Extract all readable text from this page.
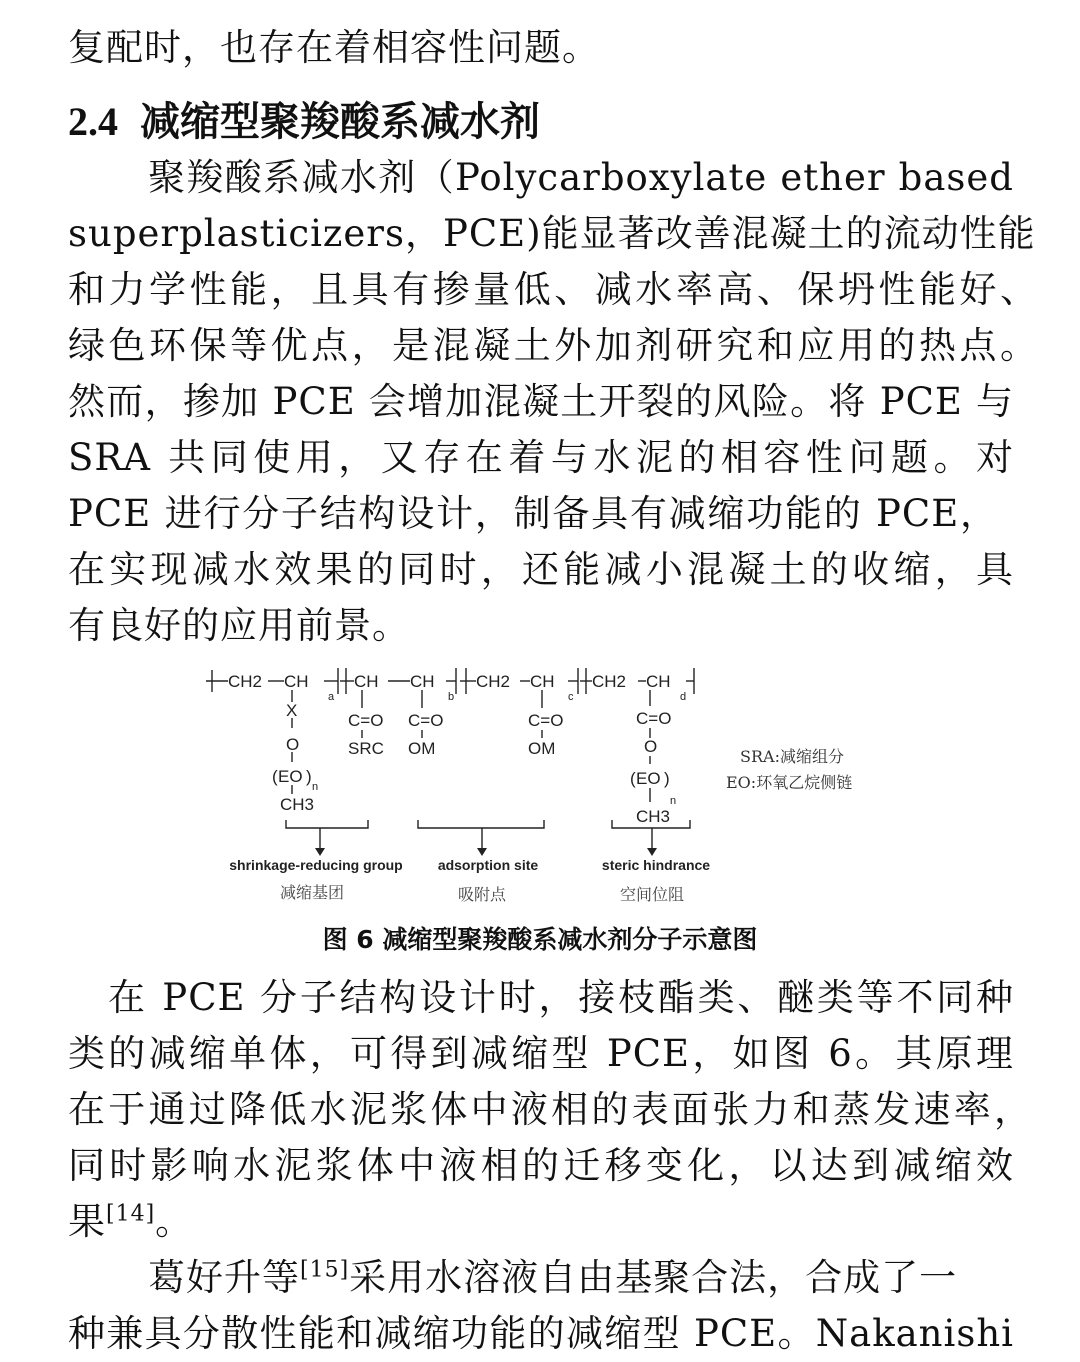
复配时，也存在着相容性问题。
2.4 减缩型聚羧酸系减水剂
聚羧酸系减水剂（Polycarboxylate ether based
superplasticizers，PCE)能显著改善混凝土的流动性能
和力学性能，且具有掺量低、减水率高、保坍性能好、
绿色环保等优点，是混凝土外加剂研究和应用的热点。
然而，掺加 PCE 会增加混凝土开裂的风险。将 PCE 与
SRA 共同使用，又存在着与水泥的相容性问题。对
PCE 进行分子结构设计，制备具有减缩功能的 PCE，
在实现减水效果的同时，还能减小混凝土的收缩，具
有良好的应用前景。
CH2 CH	CH CH CH2 CH CH2 CH
a	b	c	d
X
O
EO
( )
n
CH3
C=O
SRC
C=O
OM
C=O
OM
C=O
O
EO
( )
n
CH3
SRA:减缩组分
EO:环氧乙烷侧链
shrinkage-reducing group	adsorption site	steric hindrance
减缩基团	吸附点	空间位阻
图 6 减缩型聚羧酸系减水剂分子示意图
在 PCE 分子结构设计时，接枝酯类、醚类等不同种
类的减缩单体，可得到减缩型 PCE，如图 6。其原理
在于通过降低水泥浆体中液相的表面张力和蒸发速率，
同时影响水泥浆体中液相的迁移变化，以达到减缩效
果[14]。
葛好升等[15]采用水溶液自由基聚合法，合成了一
种兼具分散性能和减缩功能的减缩型 PCE。Nakanishi
